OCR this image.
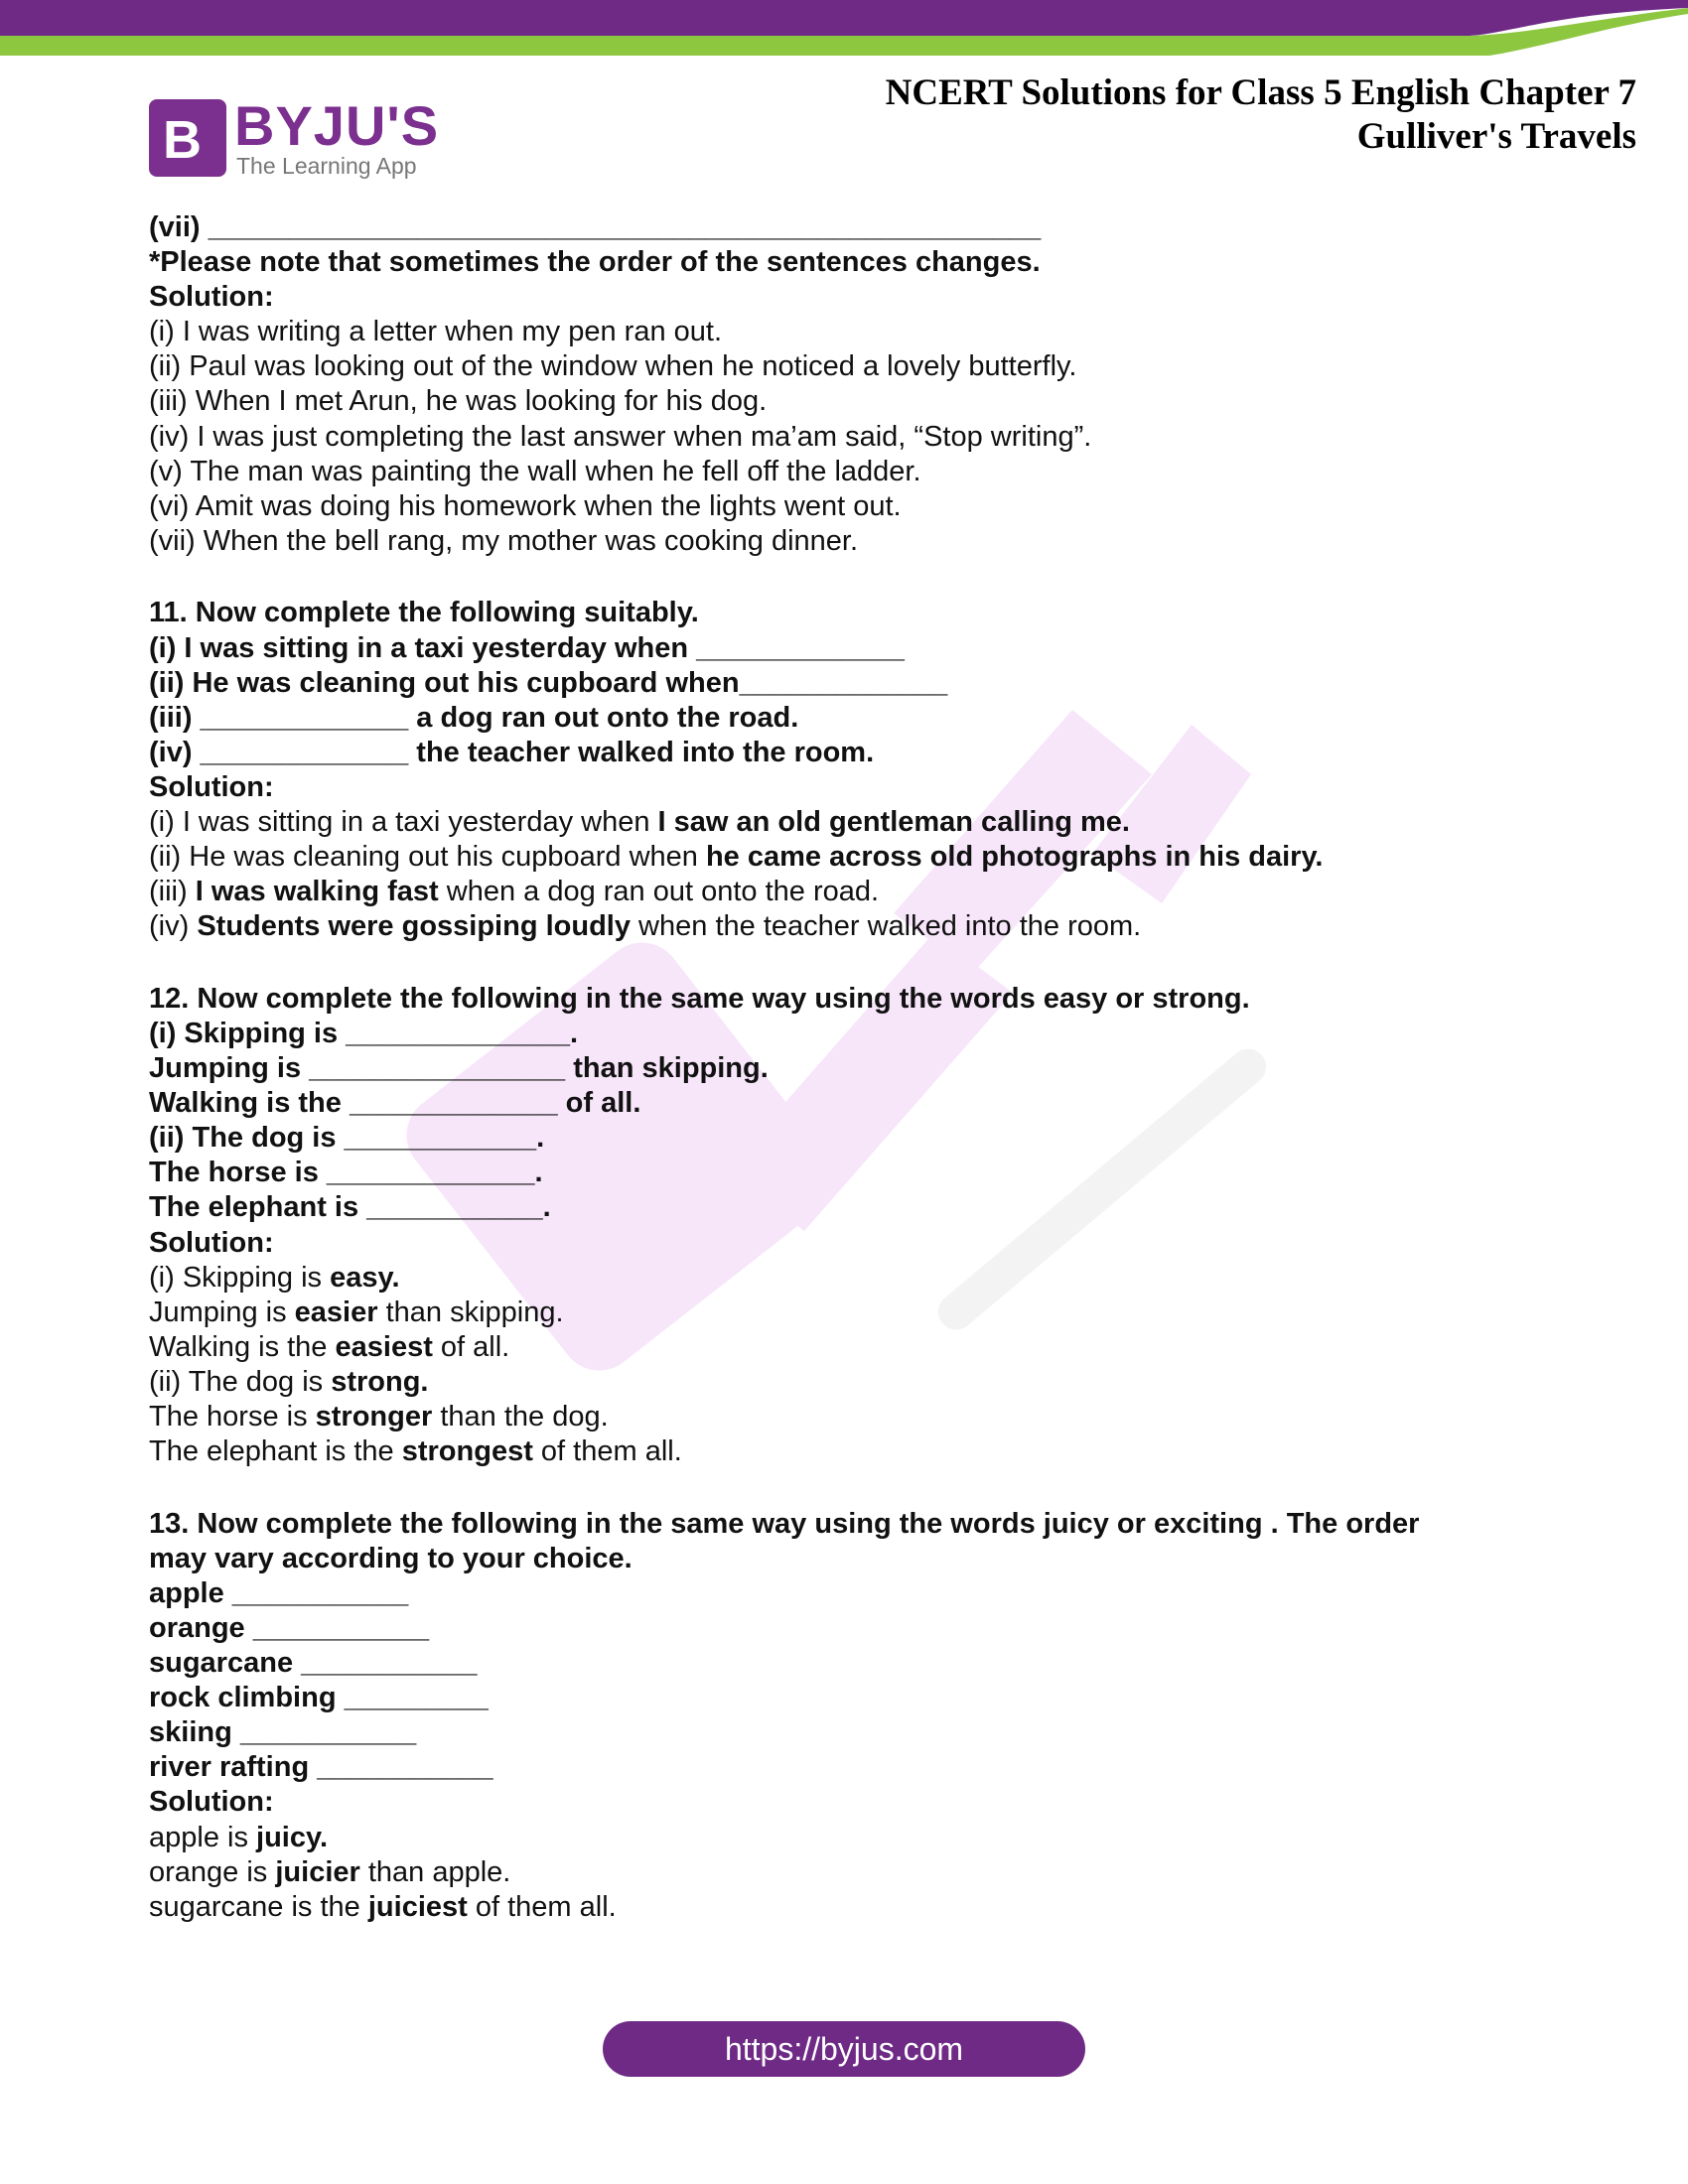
B BYJU'S
The Learning App
NCERT Solutions for Class 5 English Chapter 7
Gulliver's Travels
(vii) ____________________________________________________
*Please note that sometimes the order of the sentences changes.
Solution:
(i) I was writing a letter when my pen ran out.
(ii) Paul was looking out of the window when he noticed a lovely butterfly.
(iii) When I met Arun, he was looking for his dog.
(iv) I was just completing the last answer when ma’am said, “Stop writing”.
(v) The man was painting the wall when he fell off the ladder.
(vi) Amit was doing his homework when the lights went out.
(vii) When the bell rang, my mother was cooking dinner.
11. Now complete the following suitably.
(i) I was sitting in a taxi yesterday when _____________
(ii) He was cleaning out his cupboard when_____________
(iii) _____________ a dog ran out onto the road.
(iv) _____________ the teacher walked into the room.
Solution:
(i) I was sitting in a taxi yesterday when I saw an old gentleman calling me.
(ii) He was cleaning out his cupboard when he came across old photographs in his dairy.
(iii) I was walking fast when a dog ran out onto the road.
(iv) Students were gossiping loudly when the teacher walked into the room.
12. Now complete the following in the same way using the words easy or strong.
(i) Skipping is ______________.
Jumping is ________________ than skipping.
Walking is the _____________ of all.
(ii) The dog is ____________.
The horse is _____________.
The elephant is ___________.
Solution:
(i) Skipping is easy.
Jumping is easier than skipping.
Walking is the easiest of all.
(ii) The dog is strong.
The horse is stronger than the dog.
The elephant is the strongest of them all.
13. Now complete the following in the same way using the words juicy or exciting . The order
may vary according to your choice.
apple ___________
orange ___________
sugarcane ___________
rock climbing _________
skiing ___________
river rafting ___________
Solution:
apple is juicy.
orange is juicier than apple.
sugarcane is the juiciest of them all.
https://byjus.com
